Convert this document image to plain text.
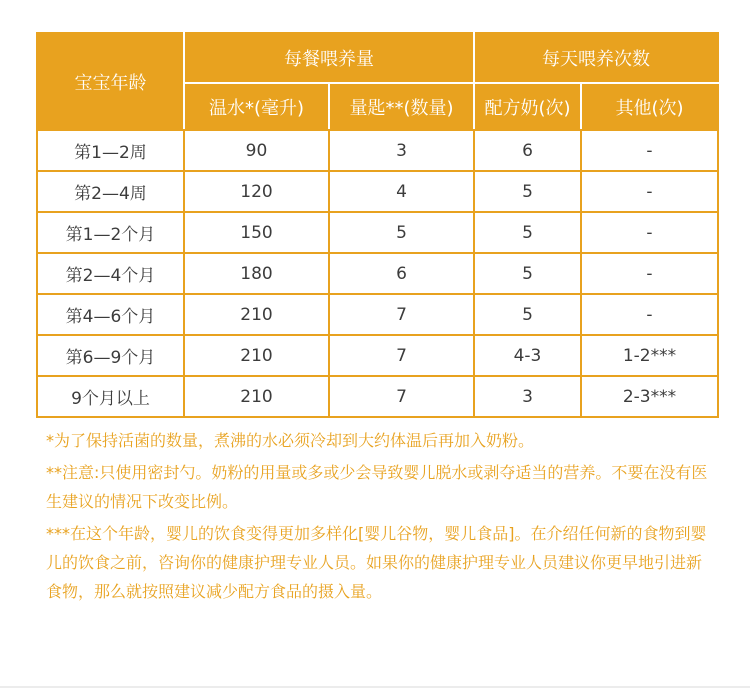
宝宝年龄	每餐喂养量		每天喂养次数	
	温水*(毫升)	量匙**(数量)	配方奶(次)	其他(次)
第1—2周	90	3	6	-
第2—4周	120	4	5	-
第1—2个月	150	5	5	-
第2—4个月	180	6	5	-
第4—6个月	210	7	5	-
第6—9个月	210	7	4-3	1-2***
9个月以上	210	7	3	2-3***

*为了保持活菌的数量，煮沸的水必须冷却到大约体温后再加入奶粉。

**注意:只使用密封勺。奶粉的用量或多或少会导致婴儿脱水或剥夺适当的营养。不要在没有医生建议的情况下改变比例。

***在这个年龄，婴儿的饮食变得更加多样化[婴儿谷物，婴儿食品]。在介绍任何新的食物到婴儿的饮食之前，咨询你的健康护理专业人员。如果你的健康护理专业人员建议你更早地引进新食物，那么就按照建议减少配方食品的摄入量。
